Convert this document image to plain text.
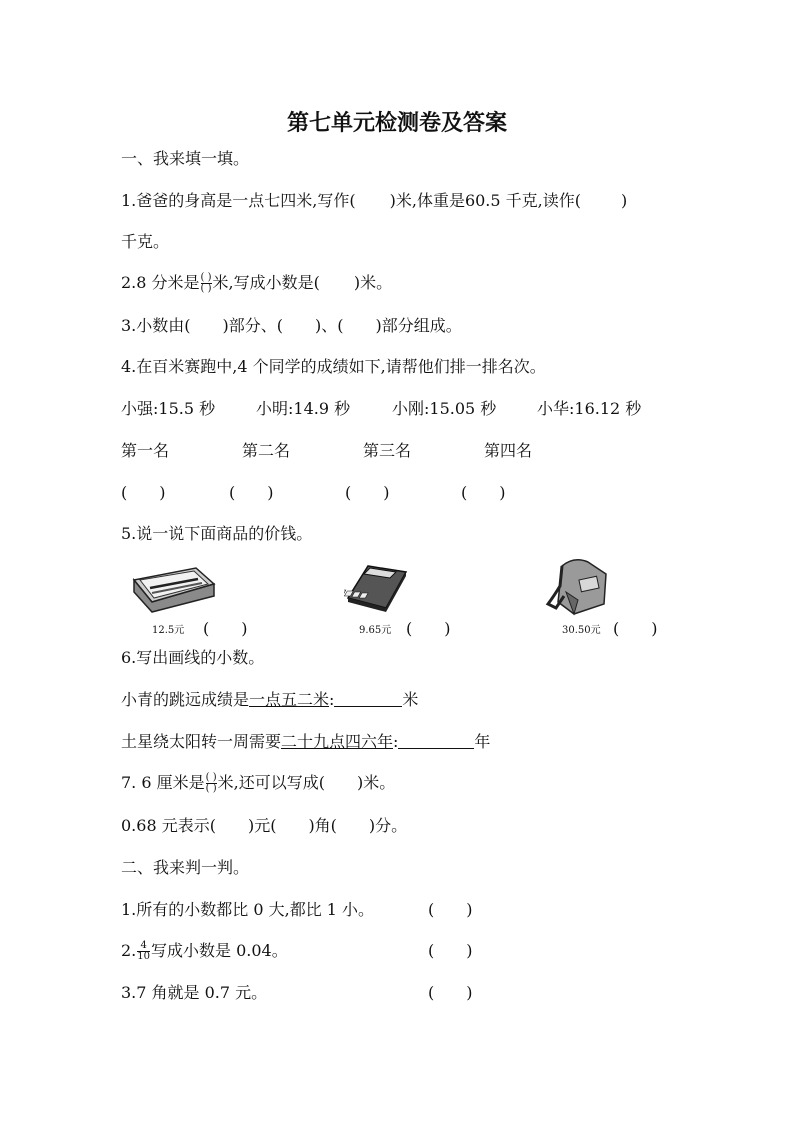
第七单元检测卷及答案
一、我来填一填。
1.爸爸的身高是一点七四米,写作( )米,体重是60.5 千克,读作(	)
千克。
2.8 分米是 $\frac{( )}{( )}$ 米,写成小数是( )米。
3.小数由(　　)部分、(　　)、(　　)部分组成。
4.在百米赛跑中,4 个同学的成绩如下,请帮他们排一排名次。
小强:15.5 秒	小明:14.9 秒	小刚:15.05 秒	小华:16.12 秒
第一名	第二名	第三名	第四名
(　　)	(　　)	(　　)	(　　)
5.说一说下面商品的价钱。
12.5元 (　　)	9.65元 (　　)	30.50元 (　　)
6.写出画线的小数。
小青的跳远成绩是一点五二米:	米
土星绕太阳转一周需要二十九点四六年:	年
7. 6 厘米是 $\frac{( )}{( )}$ 米,还可以写成( )米。
0.68 元表示(　　)元(　　)角(　　)分。
二、我来判一判。
1.所有的小数都比 0 大,都比 1 小。	(　　)
2. $\frac{4}{10}$ 写成小数是 0.04。	(　　)
3.7 角就是 0.7 元。	(　　)
